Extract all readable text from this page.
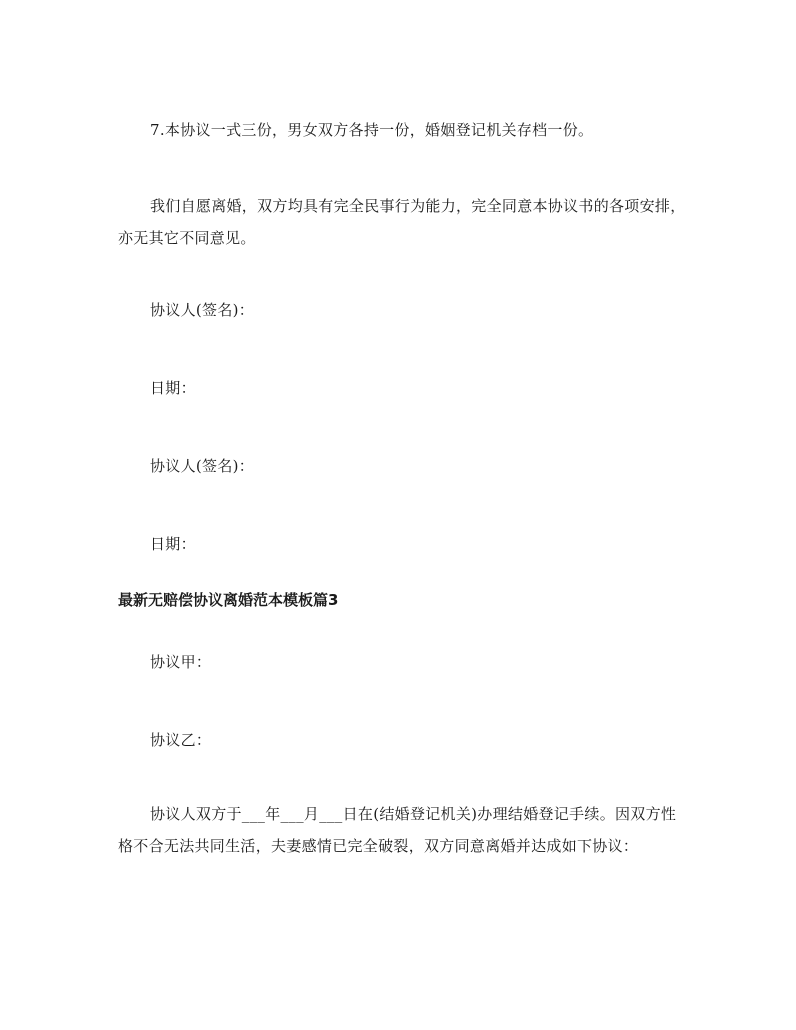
7.本协议一式三份，男女双方各持一份，婚姻登记机关存档一份。

我们自愿离婚，双方均具有完全民事行为能力，完全同意本协议书的各项安排，亦无其它不同意见。

协议人(签名)：

日期：

协议人(签名)：

日期：

最新无赔偿协议离婚范本模板篇3

协议甲：

协议乙：

协议人双方于___年___月___日在(结婚登记机关)办理结婚登记手续。因双方性格不合无法共同生活，夫妻感情已完全破裂，双方同意离婚并达成如下协议：
